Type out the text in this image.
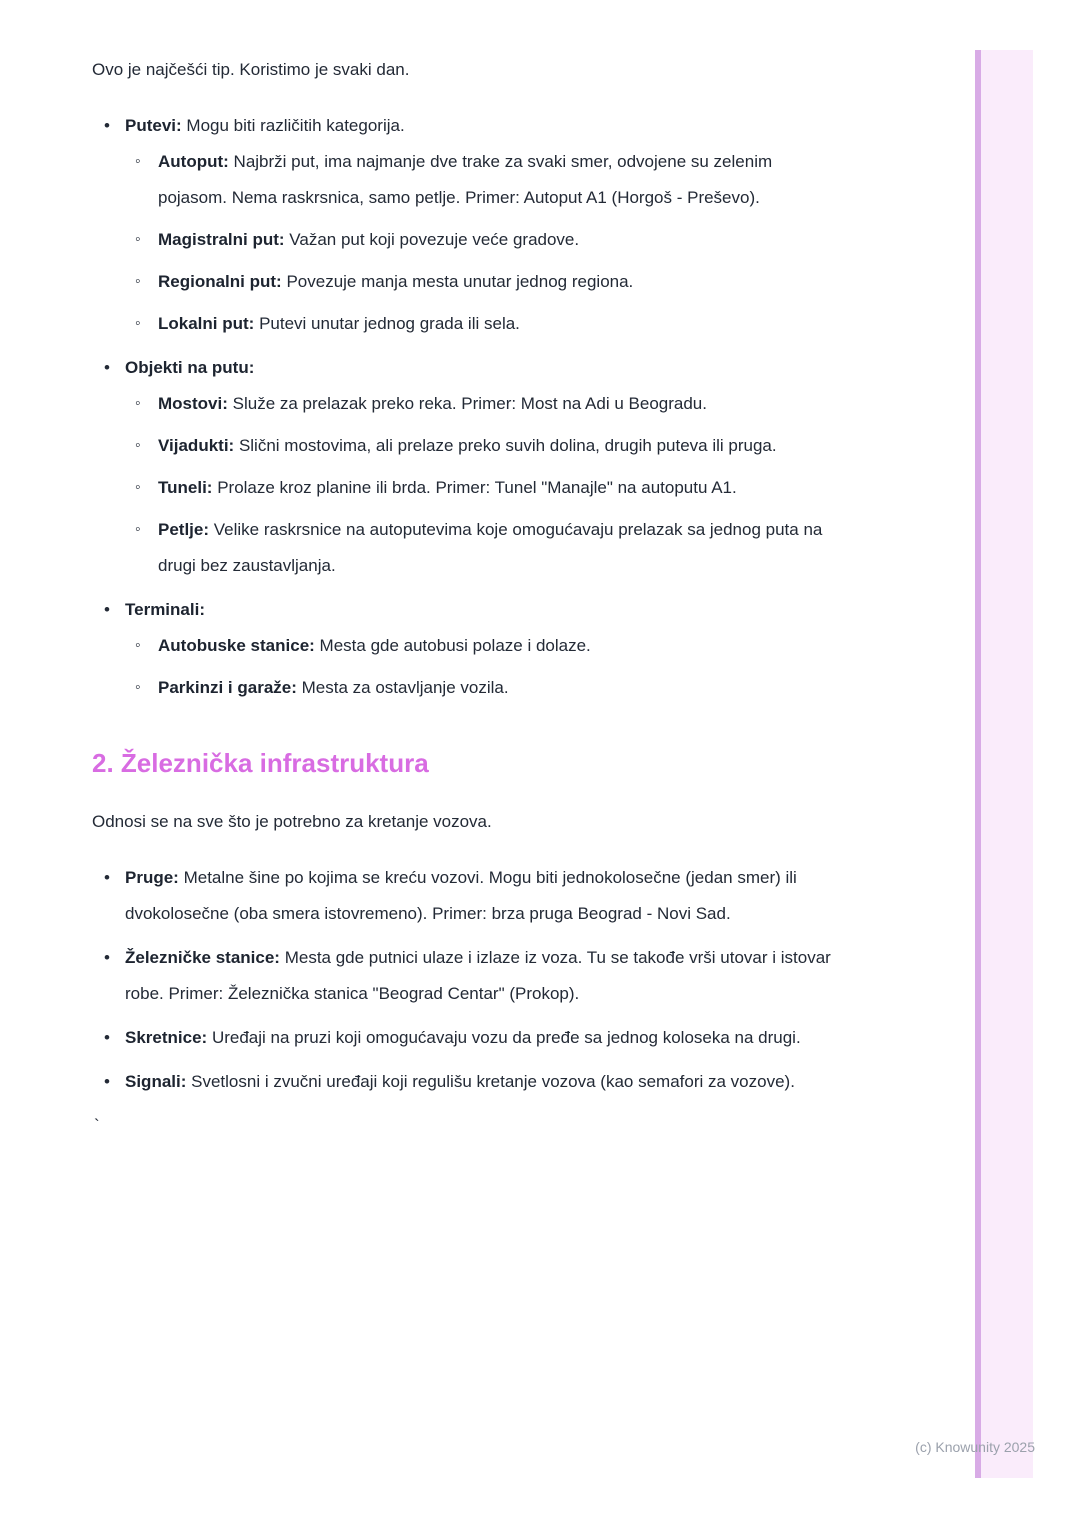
Ovo je najčešći tip. Koristimo je svaki dan.

• Putevi: Mogu biti različitih kategorija.
◦ Autoput: Najbrži put, ima najmanje dve trake za svaki smer, odvojene su zelenim pojasom. Nema raskrsnica, samo petlje. Primer: Autoput A1 (Horgoš - Preševo).
◦ Magistralni put: Važan put koji povezuje veće gradove.
◦ Regionalni put: Povezuje manja mesta unutar jednog regiona.
◦ Lokalni put: Putevi unutar jednog grada ili sela.
• Objekti na putu:
◦ Mostovi: Služe za prelazak preko reka. Primer: Most na Adi u Beogradu.
◦ Vijadukti: Slični mostovima, ali prelaze preko suvih dolina, drugih puteva ili pruga.
◦ Tuneli: Prolaze kroz planine ili brda. Primer: Tunel "Manajle" na autoputu A1.
◦ Petlje: Velike raskrsnice na autoputevima koje omogućavaju prelazak sa jednog puta na drugi bez zaustavljanja.
• Terminali:
◦ Autobuske stanice: Mesta gde autobusi polaze i dolaze.
◦ Parkinzi i garaže: Mesta za ostavljanje vozila.
2. Železnička infrastruktura

Odnosi se na sve što je potrebno za kretanje vozova.

• Pruge: Metalne šine po kojima se kreću vozovi. Mogu biti jednokolosečne (jedan smer) ili dvokolosečne (oba smera istovremeno). Primer: brza pruga Beograd - Novi Sad.
• Železničke stanice: Mesta gde putnici ulaze i izlaze iz voza. Tu se takođe vrši utovar i istovar robe. Primer: Železnička stanica "Beograd Centar" (Prokop).
• Skretnice: Uređaji na pruzi koji omogućavaju vozu da pređe sa jednog koloseka na drugi.
• Signali: Svetlosni i zvučni uređaji koji regulišu kretanje vozova (kao semafori za vozove).
`
(c) Knowunity 2025
